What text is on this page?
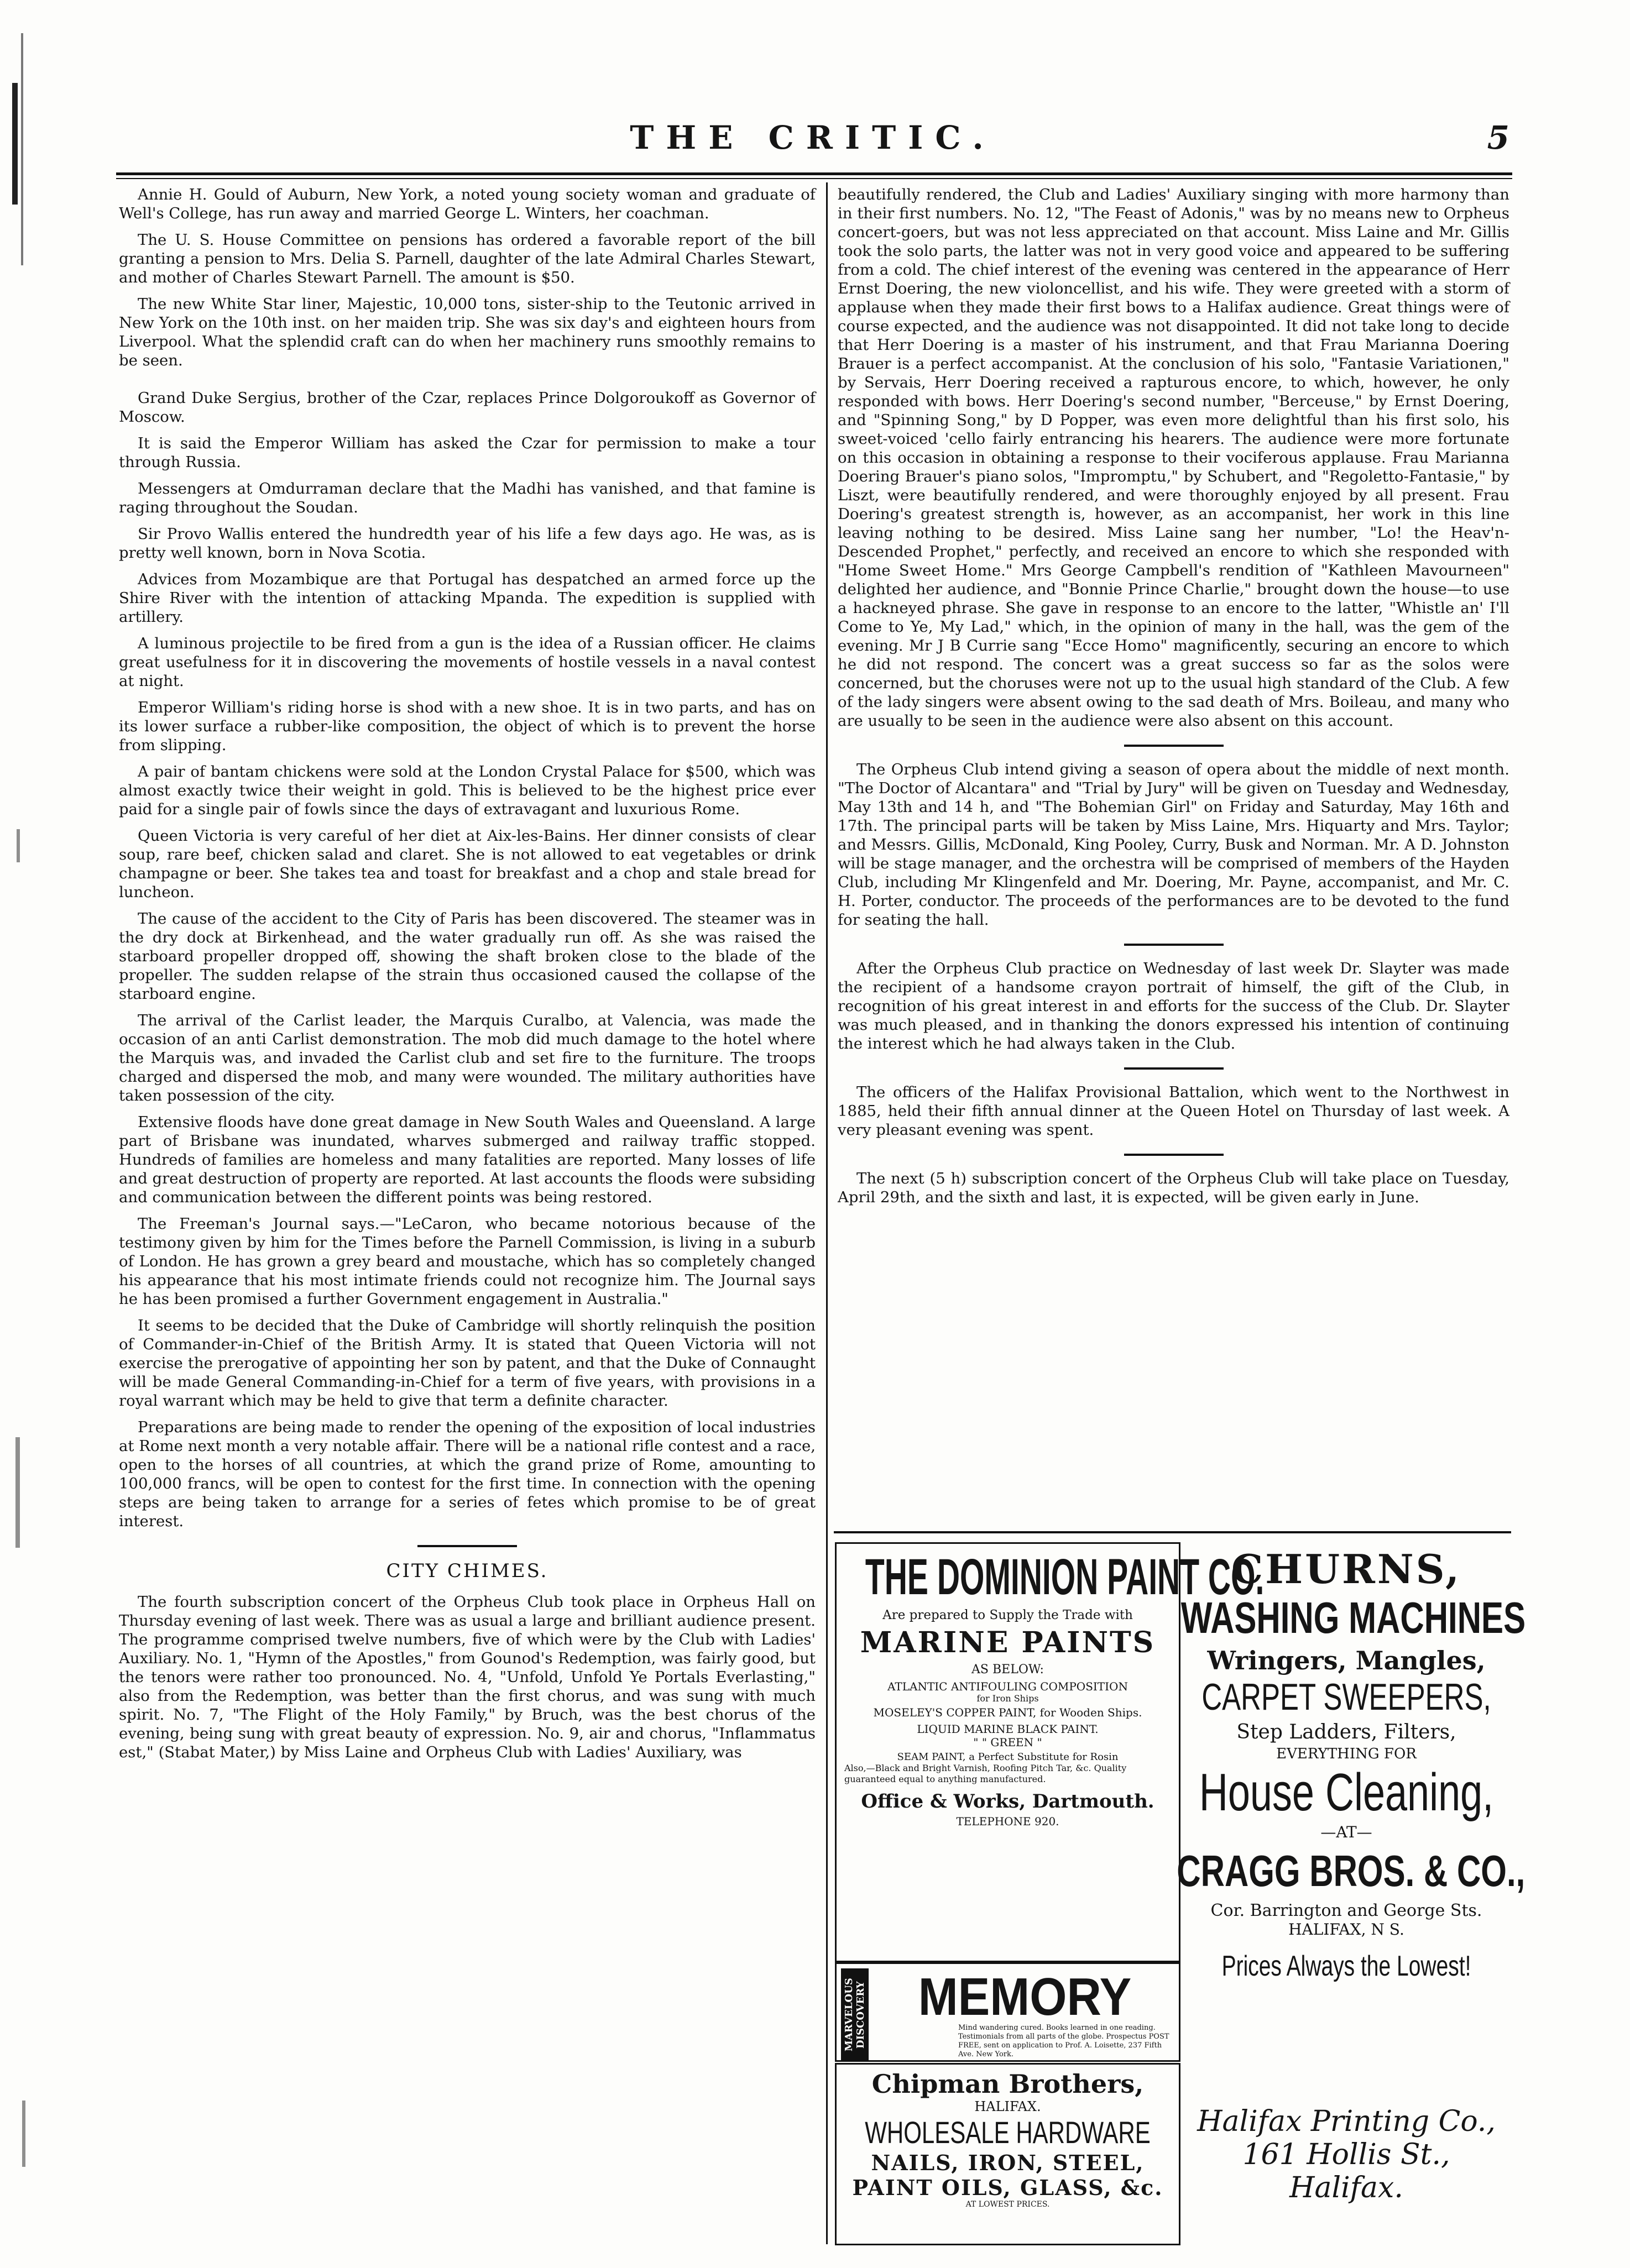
THE CRITIC.	5

Annie H. Gould of Auburn, New York, a noted young society woman and graduate of Well's College, has run away and married George L. Winters, her coachman.

The U. S. House Committee on pensions has ordered a favorable report of the bill granting a pension to Mrs. Delia S. Parnell, daughter of the late Admiral Charles Stewart, and mother of Charles Stewart Parnell. The amount is $50.

The new White Star liner, Majestic, 10,000 tons, sister-ship to the Teutonic arrived in New York on the 10th inst. on her maiden trip. She was six day's and eighteen hours from Liverpool. What the splendid craft can do when her machinery runs smoothly remains to be seen.

Grand Duke Sergius, brother of the Czar, replaces Prince Dolgoroukoff as Governor of Moscow.

It is said the Emperor William has asked the Czar for permission to make a tour through Russia.

Messengers at Omdurraman declare that the Madhi has vanished, and that famine is raging throughout the Soudan.

Sir Provo Wallis entered the hundredth year of his life a few days ago. He was, as is pretty well known, born in Nova Scotia.

Advices from Mozambique are that Portugal has despatched an armed force up the Shire River with the intention of attacking Mpanda. The expedition is supplied with artillery.

A luminous projectile to be fired from a gun is the idea of a Russian officer. He claims great usefulness for it in discovering the movements of hostile vessels in a naval contest at night.

Emperor William's riding horse is shod with a new shoe. It is in two parts, and has on its lower surface a rubber-like composition, the object of which is to prevent the horse from slipping.

A pair of bantam chickens were sold at the London Crystal Palace for $500, which was almost exactly twice their weight in gold. This is believed to be the highest price ever paid for a single pair of fowls since the days of extravagant and luxurious Rome.

Queen Victoria is very careful of her diet at Aix-les-Bains. Her dinner consists of clear soup, rare beef, chicken salad and claret. She is not allowed to eat vegetables or drink champagne or beer. She takes tea and toast for breakfast and a chop and stale bread for luncheon.

The cause of the accident to the City of Paris has been discovered. The steamer was in the dry dock at Birkenhead, and the water gradually run off. As she was raised the starboard propeller dropped off, showing the shaft broken close to the blade of the propeller. The sudden relapse of the strain thus occasioned caused the collapse of the starboard engine.

The arrival of the Carlist leader, the Marquis Curalbo, at Valencia, was made the occasion of an anti Carlist demonstration. The mob did much damage to the hotel where the Marquis was, and invaded the Carlist club and set fire to the furniture. The troops charged and dispersed the mob, and many were wounded. The military authorities have taken possession of the city.

Extensive floods have done great damage in New South Wales and Queensland. A large part of Brisbane was inundated, wharves submerged and railway traffic stopped. Hundreds of families are homeless and many fatalities are reported. Many losses of life and great destruction of property are reported. At last accounts the floods were subsiding and communication between the different points was being restored.

The Freeman's Journal says.—"LeCaron, who became notorious because of the testimony given by him for the Times before the Parnell Commission, is living in a suburb of London. He has grown a grey beard and moustache, which has so completely changed his appearance that his most intimate friends could not recognize him. The Journal says he has been promised a further Government engagement in Australia."

It seems to be decided that the Duke of Cambridge will shortly relinquish the position of Commander-in-Chief of the British Army. It is stated that Queen Victoria will not exercise the prerogative of appointing her son by patent, and that the Duke of Connaught will be made General Commanding-in-Chief for a term of five years, with provisions in a royal warrant which may be held to give that term a definite character.

Preparations are being made to render the opening of the exposition of local industries at Rome next month a very notable affair. There will be a national rifle contest and a race, open to the horses of all countries, at which the grand prize of Rome, amounting to 100,000 francs, will be open to contest for the first time. In connection with the opening steps are being taken to arrange for a series of fetes which promise to be of great interest.

CITY CHIMES.

The fourth subscription concert of the Orpheus Club took place in Orpheus Hall on Thursday evening of last week. There was as usual a large and brilliant audience present. The programme comprised twelve numbers, five of which were by the Club with Ladies' Auxiliary. No. 1, "Hymn of the Apostles," from Gounod's Redemption, was fairly good, but the tenors were rather too pronounced. No. 4, "Unfold, Unfold Ye Portals Everlasting," also from the Redemption, was better than the first chorus, and was sung with much spirit. No. 7, "The Flight of the Holy Family," by Bruch, was the best chorus of the evening, being sung with great beauty of expression. No. 9, air and chorus, "Inflammatus est," (Stabat Mater,) by Miss Laine and Orpheus Club with Ladies' Auxiliary, was

beautifully rendered, the Club and Ladies' Auxiliary singing with more harmony than in their first numbers. No. 12, "The Feast of Adonis," was by no means new to Orpheus concert-goers, but was not less appreciated on that account. Miss Laine and Mr. Gillis took the solo parts, the latter was not in very good voice and appeared to be suffering from a cold. The chief interest of the evening was centered in the appearance of Herr Ernst Doering, the new violoncellist, and his wife. They were greeted with a storm of applause when they made their first bows to a Halifax audience. Great things were of course expected, and the audience was not disappointed. It did not take long to decide that Herr Doering is a master of his instrument, and that Frau Marianna Doering Brauer is a perfect accompanist. At the conclusion of his solo, "Fantasie Variationen," by Servais, Herr Doering received a rapturous encore, to which, however, he only responded with bows. Herr Doering's second number, "Berceuse," by Ernst Doering, and "Spinning Song," by D Popper, was even more delightful than his first solo, his sweet-voiced 'cello fairly entrancing his hearers. The audience were more fortunate on this occasion in obtaining a response to their vociferous applause. Frau Marianna Doering Brauer's piano solos, "Impromptu," by Schubert, and "Regoletto-Fantasie," by Liszt, were beautifully rendered, and were thoroughly enjoyed by all present. Frau Doering's greatest strength is, however, as an accompanist, her work in this line leaving nothing to be desired. Miss Laine sang her number, "Lo! the Heav'n-Descended Prophet," perfectly, and received an encore to which she responded with "Home Sweet Home." Mrs George Campbell's rendition of "Kathleen Mavourneen" delighted her audience, and "Bonnie Prince Charlie," brought down the house—to use a hackneyed phrase. She gave in response to an encore to the latter, "Whistle an' I'll Come to Ye, My Lad," which, in the opinion of many in the hall, was the gem of the evening. Mr J B Currie sang "Ecce Homo" magnificently, securing an encore to which he did not respond. The concert was a great success so far as the solos were concerned, but the choruses were not up to the usual high standard of the Club. A few of the lady singers were absent owing to the sad death of Mrs. Boileau, and many who are usually to be seen in the audience were also absent on this account.

The Orpheus Club intend giving a season of opera about the middle of next month. "The Doctor of Alcantara" and "Trial by Jury" will be given on Tuesday and Wednesday, May 13th and 14 h, and "The Bohemian Girl" on Friday and Saturday, May 16th and 17th. The principal parts will be taken by Miss Laine, Mrs. Hiquarty and Mrs. Taylor; and Messrs. Gillis, McDonald, King Pooley, Curry, Busk and Norman. Mr. A D. Johnston will be stage manager, and the orchestra will be comprised of members of the Hayden Club, including Mr Klingenfeld and Mr. Doering, Mr. Payne, accompanist, and Mr. C. H. Porter, conductor. The proceeds of the performances are to be devoted to the fund for seating the hall.

After the Orpheus Club practice on Wednesday of last week Dr. Slayter was made the recipient of a handsome crayon portrait of himself, the gift of the Club, in recognition of his great interest in and efforts for the success of the Club. Dr. Slayter was much pleased, and in thanking the donors expressed his intention of continuing the interest which he had always taken in the Club.

The officers of the Halifax Provisional Battalion, which went to the Northwest in 1885, held their fifth annual dinner at the Queen Hotel on Thursday of last week. A very pleasant evening was spent.

The next (5 h) subscription concert of the Orpheus Club will take place on Tuesday, April 29th, and the sixth and last, it is expected, will be given early in June.

THE DOMINION PAINT CO.
Are prepared to Supply the Trade with
MARINE PAINTS
AS BELOW:
ATLANTIC ANTIFOULING COMPOSITION
for Iron Ships
MOSELEY'S COPPER PAINT, for Wooden Ships.
LIQUID MARINE BLACK PAINT.
" " GREEN "
SEAM PAINT, a Perfect Substitute for Rosin
Also,—Black and Bright Varnish, Roofing Pitch Tar, &c. Quality guaranteed equal to anything manufactured.
Office & Works, Dartmouth.
TELEPHONE 920.
MARVELOUS DISCOVERY MEMORY
Mind wandering cured. Books learned in one reading. Testimonials from all parts of the globe. Prospectus POST FREE, sent on application to Prof. A. Loisette, 237 Fifth Ave. New York.
Chipman Brothers,
HALIFAX.
WHOLESALE HARDWARE
NAILS, IRON, STEEL,
PAINT OILS, GLASS, &c.
AT LOWEST PRICES.
CHURNS,
WASHING MACHINES
Wringers, Mangles,
CARPET SWEEPERS,
Step Ladders, Filters,
EVERYTHING FOR
House Cleaning,
—AT—
CRAGG BROS. & CO.,
Cor. Barrington and George Sts.
HALIFAX, N S.
Prices Always the Lowest!
Halifax Printing Co.,
161 Hollis St.,
Halifax.
